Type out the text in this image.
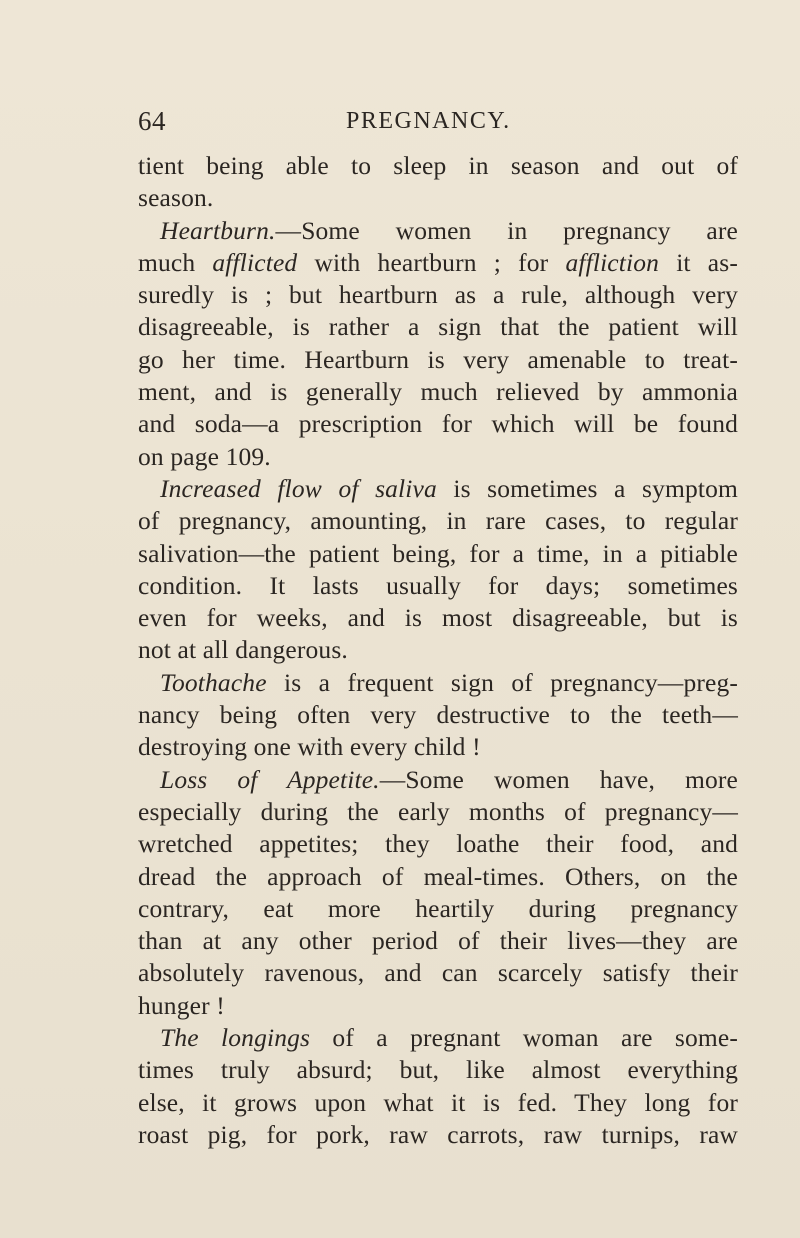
64	PREGNANCY.
tient being able to sleep in season and out of
season.
Heartburn.—Some women in pregnancy are
much afflicted with heartburn ; for affliction it as-
suredly is ; but heartburn as a rule, although very
disagreeable, is rather a sign that the patient will
go her time. Heartburn is very amenable to treat-
ment, and is generally much relieved by ammonia
and soda—a prescription for which will be found
on page 109.
Increased flow of saliva is sometimes a symptom
of pregnancy, amounting, in rare cases, to regular
salivation—the patient being, for a time, in a pitiable
condition. It lasts usually for days; sometimes
even for weeks, and is most disagreeable, but is
not at all dangerous.
Toothache is a frequent sign of pregnancy—preg-
nancy being often very destructive to the teeth—
destroying one with every child !
Loss of Appetite.—Some women have, more
especially during the early months of pregnancy—
wretched appetites; they loathe their food, and
dread the approach of meal-times. Others, on the
contrary, eat more heartily during pregnancy
than at any other period of their lives—they are
absolutely ravenous, and can scarcely satisfy their
hunger !
The longings of a pregnant woman are some-
times truly absurd; but, like almost everything
else, it grows upon what it is fed. They long for
roast pig, for pork, raw carrots, raw turnips, raw
